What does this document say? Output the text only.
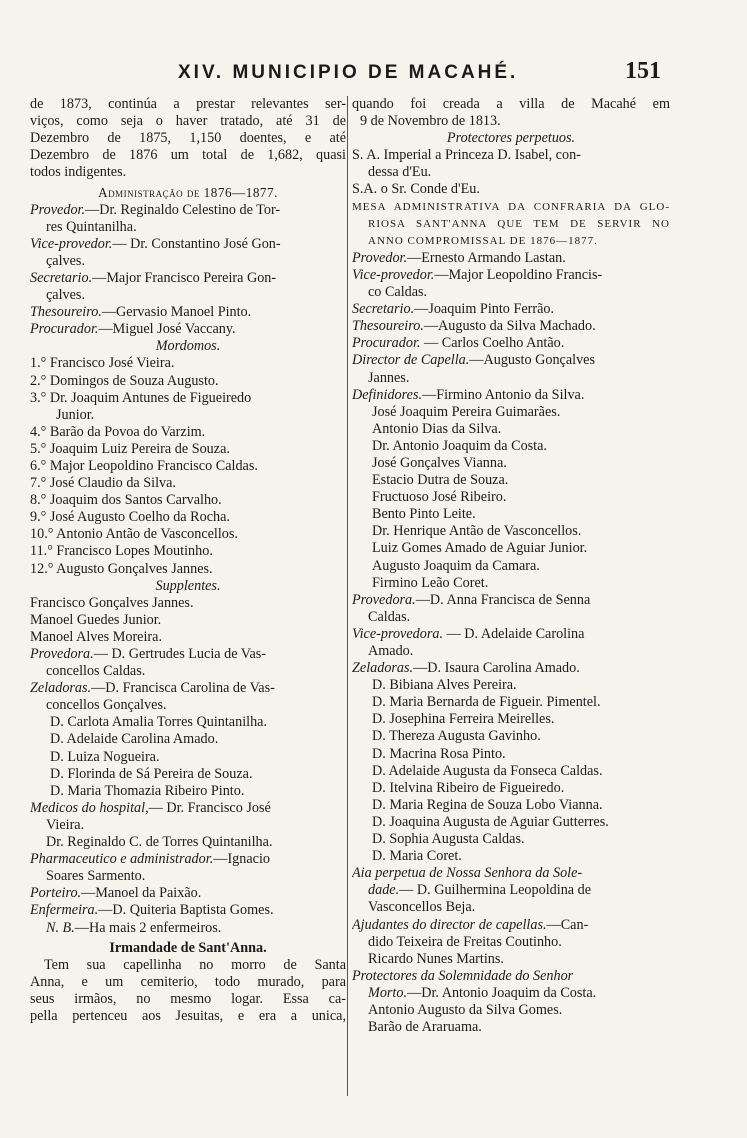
XIV. MUNICIPIO DE MACAHÉ.	151
de 1873, continúa a prestar relevantes ser-
viços, como seja o haver tratado, até 31 de
Dezembro de 1875, 1,150 doentes, e até
Dezembro de 1876 um total de 1,682, quasi
todos indigentes.
Administração de 1876—1877.
Provedor.—Dr. Reginaldo Celestino de Tor-
res Quintanilha.
Vice-provedor.— Dr. Constantino José Gon-
çalves.
Secretario.—Major Francisco Pereira Gon-
çalves.
Thesoureiro.—Gervasio Manoel Pinto.
Procurador.—Miguel José Vaccany.
Mordomos.
1.° Francisco José Vieira.
2.° Domingos de Souza Augusto.
3.° Dr. Joaquim Antunes de Figueiredo
Junior.
4.° Barão da Povoa do Varzim.
5.° Joaquim Luiz Pereira de Souza.
6.° Major Leopoldino Francisco Caldas.
7.° José Claudio da Silva.
8.° Joaquim dos Santos Carvalho.
9.° José Augusto Coelho da Rocha.
10.° Antonio Antão de Vasconcellos.
11.° Francisco Lopes Moutinho.
12.° Augusto Gonçalves Jannes.
Supplentes.
Francisco Gonçalves Jannes.
Manoel Guedes Junior.
Manoel Alves Moreira.
Provedora.— D. Gertrudes Lucia de Vas-
concellos Caldas.
Zeladoras.—D. Francisca Carolina de Vas-
concellos Gonçalves.
D. Carlota Amalia Torres Quintanilha.
D. Adelaide Carolina Amado.
D. Luiza Nogueira.
D. Florinda de Sá Pereira de Souza.
D. Maria Thomazia Ribeiro Pinto.
Medicos do hospital,— Dr. Francisco José
Vieira.
Dr. Reginaldo C. de Torres Quintanilha.
Pharmaceutico e administrador.—Ignacio
Soares Sarmento.
Porteiro.—Manoel da Paixão.
Enfermeira.—D. Quiteria Baptista Gomes.
N. B.—Ha mais 2 enfermeiros.
Irmandade de Sant'Anna.
Tem sua capellinha no morro de Santa
Anna, e um cemiterio, todo murado, para
seus irmãos, no mesmo logar. Essa ca-
pella pertenceu aos Jesuitas, e era a unica,
quando foi creada a villa de Macahé em
9 de Novembro de 1813.
Protectores perpetuos.
S. A. Imperial a Princeza D. Isabel, con-
dessa d'Eu.
S.A. o Sr. Conde d'Eu.
MESA ADMINISTRATIVA DA CONFRARIA DA GLO-
RIOSA SANT'ANNA QUE TEM DE SERVIR NO
ANNO COMPROMISSAL DE 1876—1877.
Provedor.—Ernesto Armando Lastan.
Vice-provedor.—Major Leopoldino Francis-
co Caldas.
Secretario.—Joaquim Pinto Ferrão.
Thesoureiro.—Augusto da Silva Machado.
Procurador. — Carlos Coelho Antão.
Director de Capella.—Augusto Gonçalves
Jannes.
Definidores.—Firmino Antonio da Silva.
José Joaquim Pereira Guimarães.
Antonio Dias da Silva.
Dr. Antonio Joaquim da Costa.
José Gonçalves Vianna.
Estacio Dutra de Souza.
Fructuoso José Ribeiro.
Bento Pinto Leite.
Dr. Henrique Antão de Vasconcellos.
Luiz Gomes Amado de Aguiar Junior.
Augusto Joaquim da Camara.
Firmino Leão Coret.
Provedora.—D. Anna Francisca de Senna
Caldas.
Vice-provedora. — D. Adelaide Carolina
Amado.
Zeladoras.—D. Isaura Carolina Amado.
D. Bibiana Alves Pereira.
D. Maria Bernarda de Figueir. Pimentel.
D. Josephina Ferreira Meirelles.
D. Thereza Augusta Gavinho.
D. Macrina Rosa Pinto.
D. Adelaide Augusta da Fonseca Caldas.
D. Itelvina Ribeiro de Figueiredo.
D. Maria Regina de Souza Lobo Vianna.
D. Joaquina Augusta de Aguiar Gutterres.
D. Sophia Augusta Caldas.
D. Maria Coret.
Aia perpetua de Nossa Senhora da Sole-
dade.— D. Guilhermina Leopoldina de
Vasconcellos Beja.
Ajudantes do director de capellas.—Can-
dido Teixeira de Freitas Coutinho.
Ricardo Nunes Martins.
Protectores da Solemnidade do Senhor
Morto.—Dr. Antonio Joaquim da Costa.
Antonio Augusto da Silva Gomes.
Barão de Araruama.
